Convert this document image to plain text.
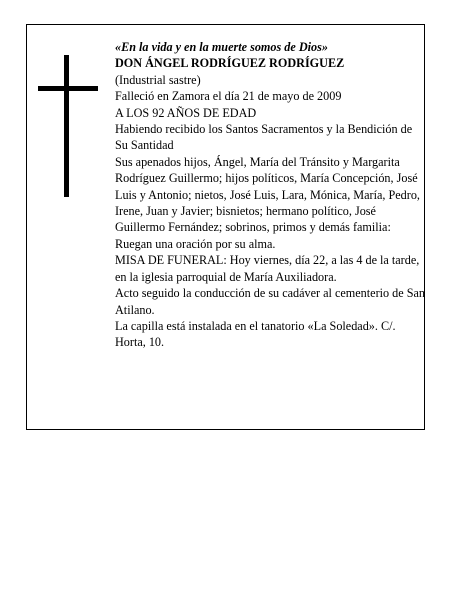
«En la vida y en la muerte somos de Dios»

DON ÁNGEL RODRÍGUEZ RODRÍGUEZ

(Industrial sastre)

Falleció en Zamora el día 21 de mayo de 2009

A LOS 92 AÑOS DE EDAD

Habiendo recibido los Santos Sacramentos y la Bendición de Su Santidad

Sus apenados hijos, Ángel, María del Tránsito y Margarita Rodríguez Guillermo; hijos políticos, María Concepción, José Luis y Antonio; nietos, José Luis, Lara, Mónica, María, Pedro, Irene, Juan y Javier; bisnietos; hermano político, José Guillermo Fernández; sobrinos, primos y demás familia:

Ruegan una oración por su alma.

MISA DE FUNERAL: Hoy viernes, día 22, a las 4 de la tarde, en la iglesia parroquial de María Auxiliadora.

Acto seguido la conducción de su cadáver al cementerio de San Atilano.

La capilla está instalada en el tanatorio «La Soledad». C/. Horta, 10.
